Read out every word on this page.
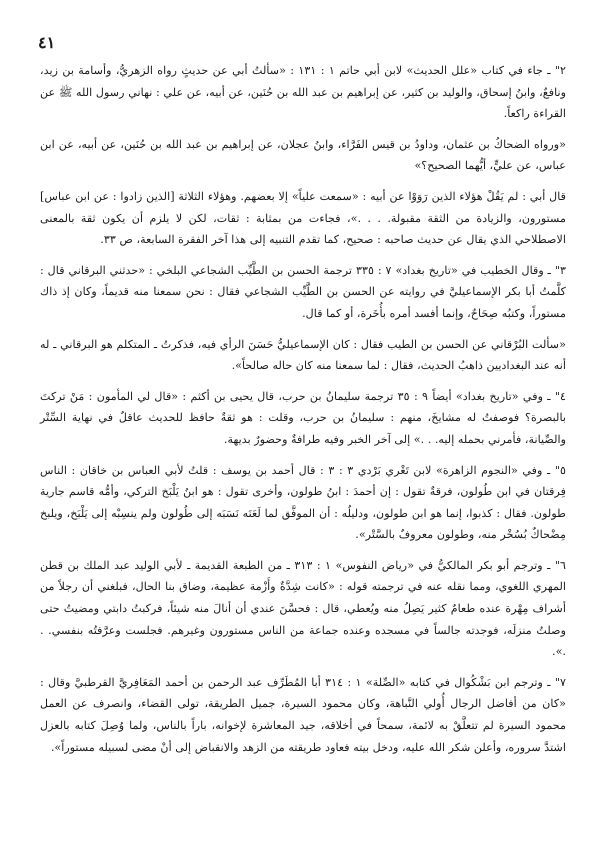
٤١

٢" ـ جاء في كتاب «علل الحديث» لابن أبي حاتم ١ : ١٣١ : «سألتُ أبي عن حديثٍ رواه الزهريُّ، وأسامة بن زيد، ونافعٌ، وابنُ إسحاق، والوليد بن كثير، عن إبراهيم بن عبد الله بن حُنَين، عن أبيه، عن علي : نهاني رسول الله ﷺ عن القراءة راكعاً.

«ورواه الضحاكُ بن عثمان، وداودُ بن قيس الفَرَّاء، وابنُ عجلان، عن إبراهيم بن عبد الله بن حُنَين، عن أبيه، عن ابن عباس، عن عليٍّ، أيُّهما الصحيح؟»

قال أبي : لم يَقُلْ هؤلاء الذين رَوَوْا عن أبيه : «سمعت علياً» إلا بعضهم. وهؤلاء الثلاثة [الذين زادوا : عن ابن عباس] مستورون، والزيادة من الثقة مقبولة. . . .»، فجاءت من بمثابة : ثقات، لكن لا يلزم أن يكون ثقة بالمعنى الاصطلاحي الذي يقال عن حديث صاحبه : صحيح، كما تقدم التنبيه إلى هذا آخر الفقرة السابعة، ص ٣٣.

٣" ـ وقال الخطيب في «تاريخ بغداد» ٧ : ٣٣٥ ترجمة الحسن بن الطَّيِّب الشجاعي البلخي : «حدثني البرقاني قال : كلَّمتُ أبا بكر الإسماعيليَّ في روايته عن الحسن بن الطَّيِّب الشجاعي فقال : نحن سمعنا منه قديماً، وكان إذ ذاك مستوراً، وكتبُه صِحَاحٌ، وإنما أفسد أمره بأُخَرة، أو كما قال.

«سألت البُرْقاني عن الحسن بن الطيب فقال : كان الإسماعيليُّ حَسَنَ الرأي فيه، فذكرتُ ـ المتكلم هو البرقاني ـ له أنه عند البغداديين ذاهبُ الحديث، فقال : لما سمعنا منه كان حاله صالحاً».

٤" ـ وفي «تاريخ بغداد» أيضاً ٩ : ٣٥ ترجمة سليمانُ بن حرب، قال يحيى بن أكثم : «قال لي المأمون : مَنْ تركتَ بالبصرة؟ فوصفتُ له مشايخَ، منهم : سليمانُ بن حرب، وقلت : هو ثقةٌ حافظ للحديث عاقلٌ في نهاية السِّتْر والصِّيانة، فأمرني بحمله إليه. . .» إلى آخر الخبر وفيه طرافةٌ وحضورٌ بديهة.

٥" ـ وفي «النجوم الزاهرة» لابن تَغْري بَرْدي ٣ : ٣ : قال أحمد بن يوسف : قلتُ لأبي العباس بن خاقان : الناس فِرقتان في ابن طُولون، فرقةٌ تقول : إن أحمدَ : ابنُ طولون، وأخرى تقول : هو ابنُ يَلْبَخ التركي، وأمُّه قاسم جارية طولون. فقال : كذبوا، إنما هو ابن طولون، ودليلُه : أن الموفَّق لما لَعَنَه نَسَبَه إلى طُولون ولم ينسِبْه إلى يَلْبَخ، ويلبخ مِضْحاكٌ بُسُخْر منه، وطولون معروفٌ بالسَّتْر».

٦" ـ وترجم أبو بكر المالكيُّ في «رياض النفوس» ١ : ٣١٣ ـ من الطبعة القديمة ـ لأبي الوليد عبد الملك بن قطن المهري اللغوي، ومما نقله عنه في ترجمته قوله : «كانت شِدَّةٌ وأَزْمة عظيمة، وضاق بنا الحال، فبلغني أن رجلاً من أشراف مِهْرة عنده طعامٌ كثير يَصِلُ منه ويُعطي، قال : فحسَّنَ عندي أن أنالَ منه شيئاً، فركبتُ دابتي ومضيتُ حتى وصلتُ منزلَه، فوجدته جالساً في مسجده وعنده جماعة من الناس مستورون وغيرهم. فجلست وعرَّفتُه بنفسي. . .».

٧" ـ وترجم ابن بَشْكُوال في كتابه «الصِّلة» ١ : ٣١٤ أبا المُطَرِّف عبد الرحمن بن أحمد المَعَافِريَّ القرطبيَّ وقال : «كان من أفاضل الرجال أُولي النَّباهة، وكان محمود السيرة، جميل الطريقة، تولى القضاء، وانصرف عن العمل محمود السيرة لم تتعلَّقْ به لائمة، سمحاً في أخلاقه، جيد المعاشرة لإخوانه، باراً بالناس، ولما وُصِلَ كتابه بالعزل اشتدَّ سروره، وأعلن شكر الله عليه، ودخل بيته فعاود طريقته من الزهد والانقباض إلى أنْ مضى لسبيله مستوراً».
